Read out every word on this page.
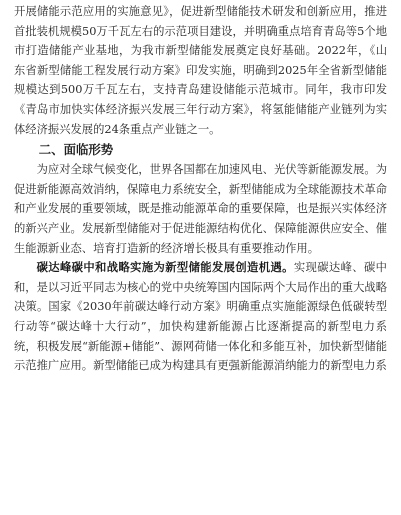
开展储能示范应用的实施意见》，促进新型储能技术研发和创新应用，推进首批装机规模50万千瓦左右的示范项目建设，并明确重点培育青岛等5个地市打造储能产业基地，为我市新型储能发展奠定良好基础。2022年，《山东省新型储能工程发展行动方案》印发实施，明确到2025年全省新型储能规模达到500万千瓦左右，支持青岛建设储能示范城市。同年，我市印发《青岛市加快实体经济振兴发展三年行动方案》，将氢能储能产业链列为实体经济振兴发展的24条重点产业链之一。

二、面临形势

为应对全球气候变化，世界各国都在加速风电、光伏等新能源发展。为促进新能源高效消纳，保障电力系统安全，新型储能成为全球能源技术革命和产业发展的重要领域，既是推动能源革命的重要保障，也是振兴实体经济的新兴产业。发展新型储能对于促进能源结构优化、保障能源供应安全、催生能源新业态、培育打造新的经济增长极具有重要推动作用。

碳达峰碳中和战略实施为新型储能发展创造机遇。实现碳达峰、碳中和，是以习近平同志为核心的党中央统筹国内国际两个大局作出的重大战略决策。国家《2030年前碳达峰行动方案》明确重点实施能源绿色低碳转型行动等“碳达峰十大行动”，加快构建新能源占比逐渐提高的新型电力系统，积极发展“新能源+储能”、源网荷储一体化和多能互补，加快新型储能示范推广应用。新型储能已成为构建具有更强新能源消纳能力的新型电力系
